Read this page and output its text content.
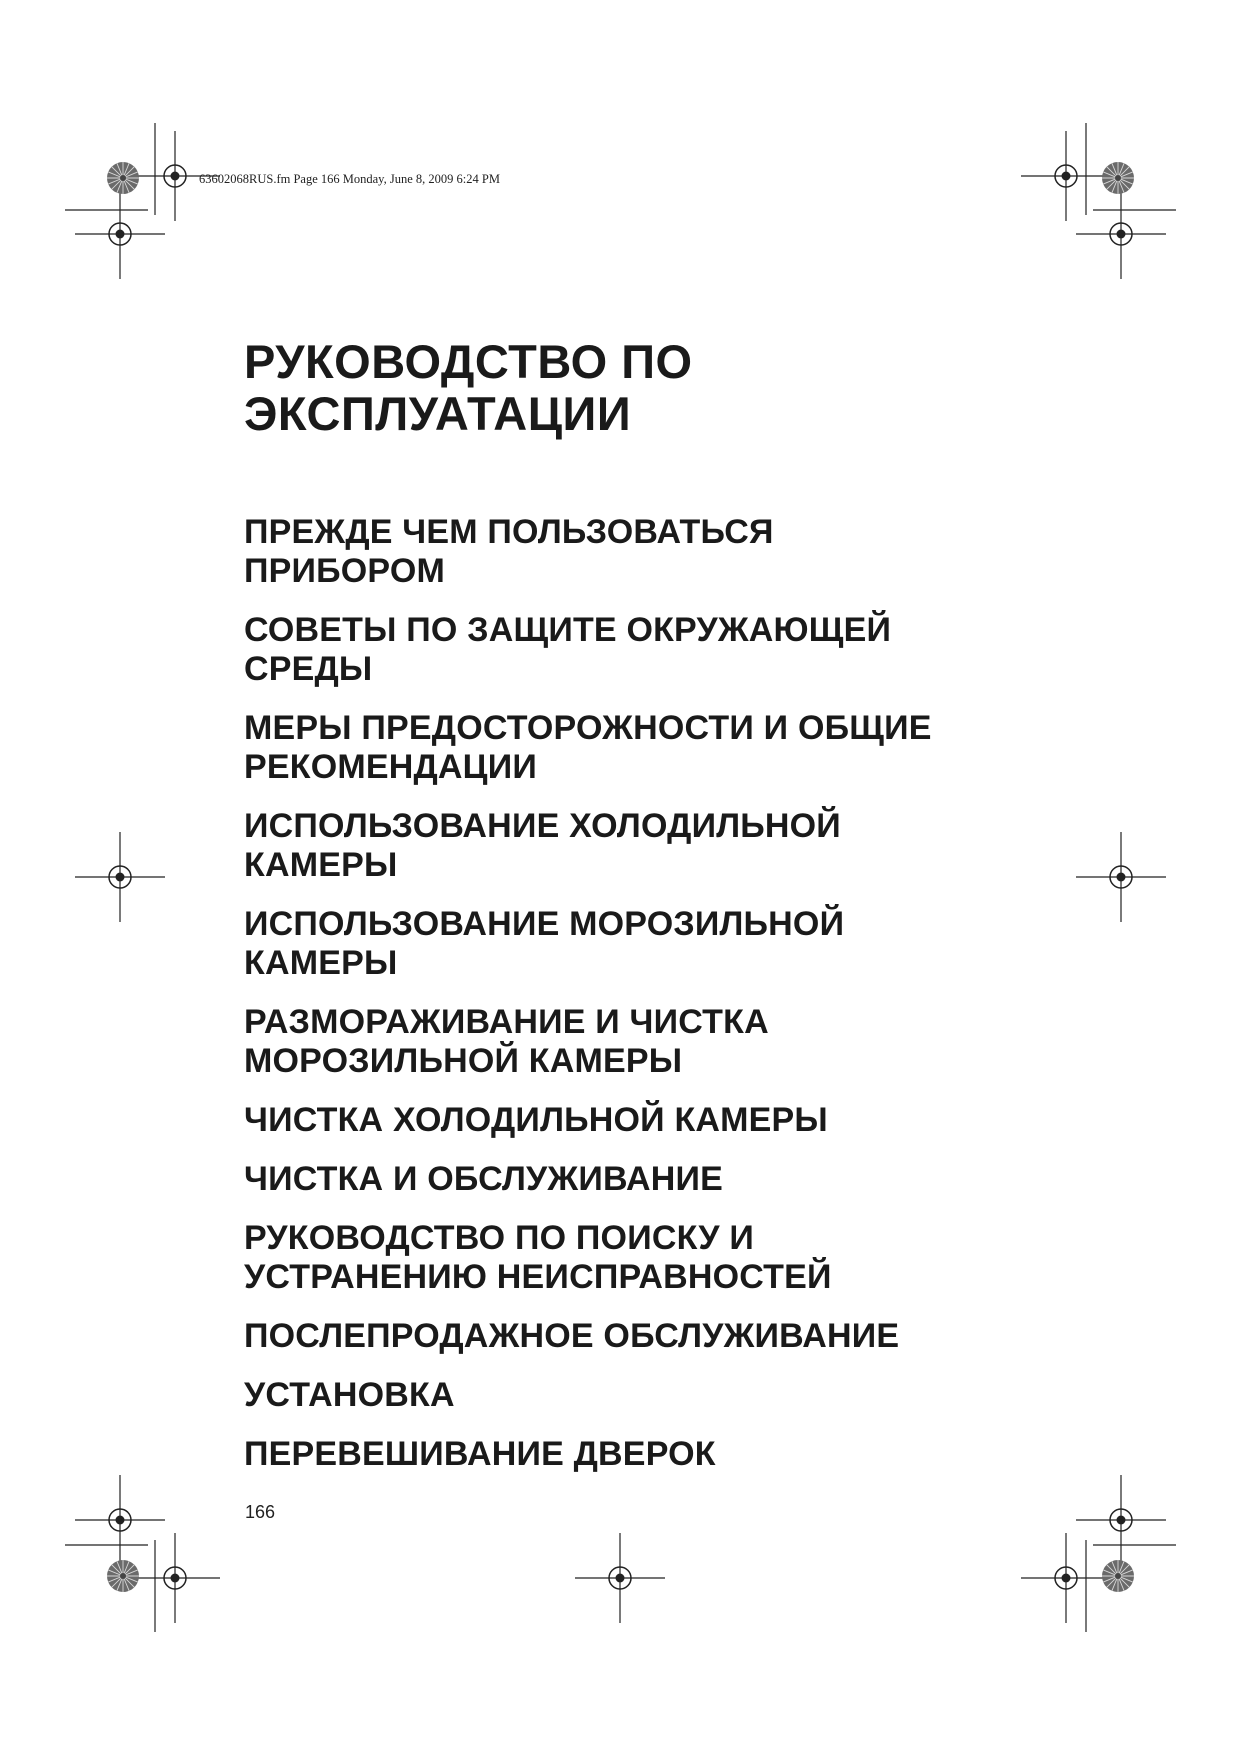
63602068RUS.fm Page 166 Monday, June 8, 2009 6:24 PM
РУКОВОДСТВО ПО
ЭКСПЛУАТАЦИИ
ПРЕЖДЕ ЧЕМ ПОЛЬЗОВАТЬСЯ
ПРИБОРОМ
СОВЕТЫ ПО ЗАЩИТЕ ОКРУЖАЮЩЕЙ
СРЕДЫ
МЕРЫ ПРЕДОСТОРОЖНОСТИ И ОБЩИЕ
РЕКОМЕНДАЦИИ
ИСПОЛЬЗОВАНИЕ ХОЛОДИЛЬНОЙ
КАМЕРЫ
ИСПОЛЬЗОВАНИЕ МОРОЗИЛЬНОЙ
КАМЕРЫ
РАЗМОРАЖИВАНИЕ И ЧИСТКА
МОРОЗИЛЬНОЙ КАМЕРЫ
ЧИСТКА ХОЛОДИЛЬНОЙ КАМЕРЫ
ЧИСТКА И ОБСЛУЖИВАНИЕ
РУКОВОДСТВО ПО ПОИСКУ И
УСТРАНЕНИЮ НЕИСПРАВНОСТЕЙ
ПОСЛЕПРОДАЖНОЕ ОБСЛУЖИВАНИЕ
УСТАНОВКА
ПЕРЕВЕШИВАНИЕ ДВЕРОК
166
